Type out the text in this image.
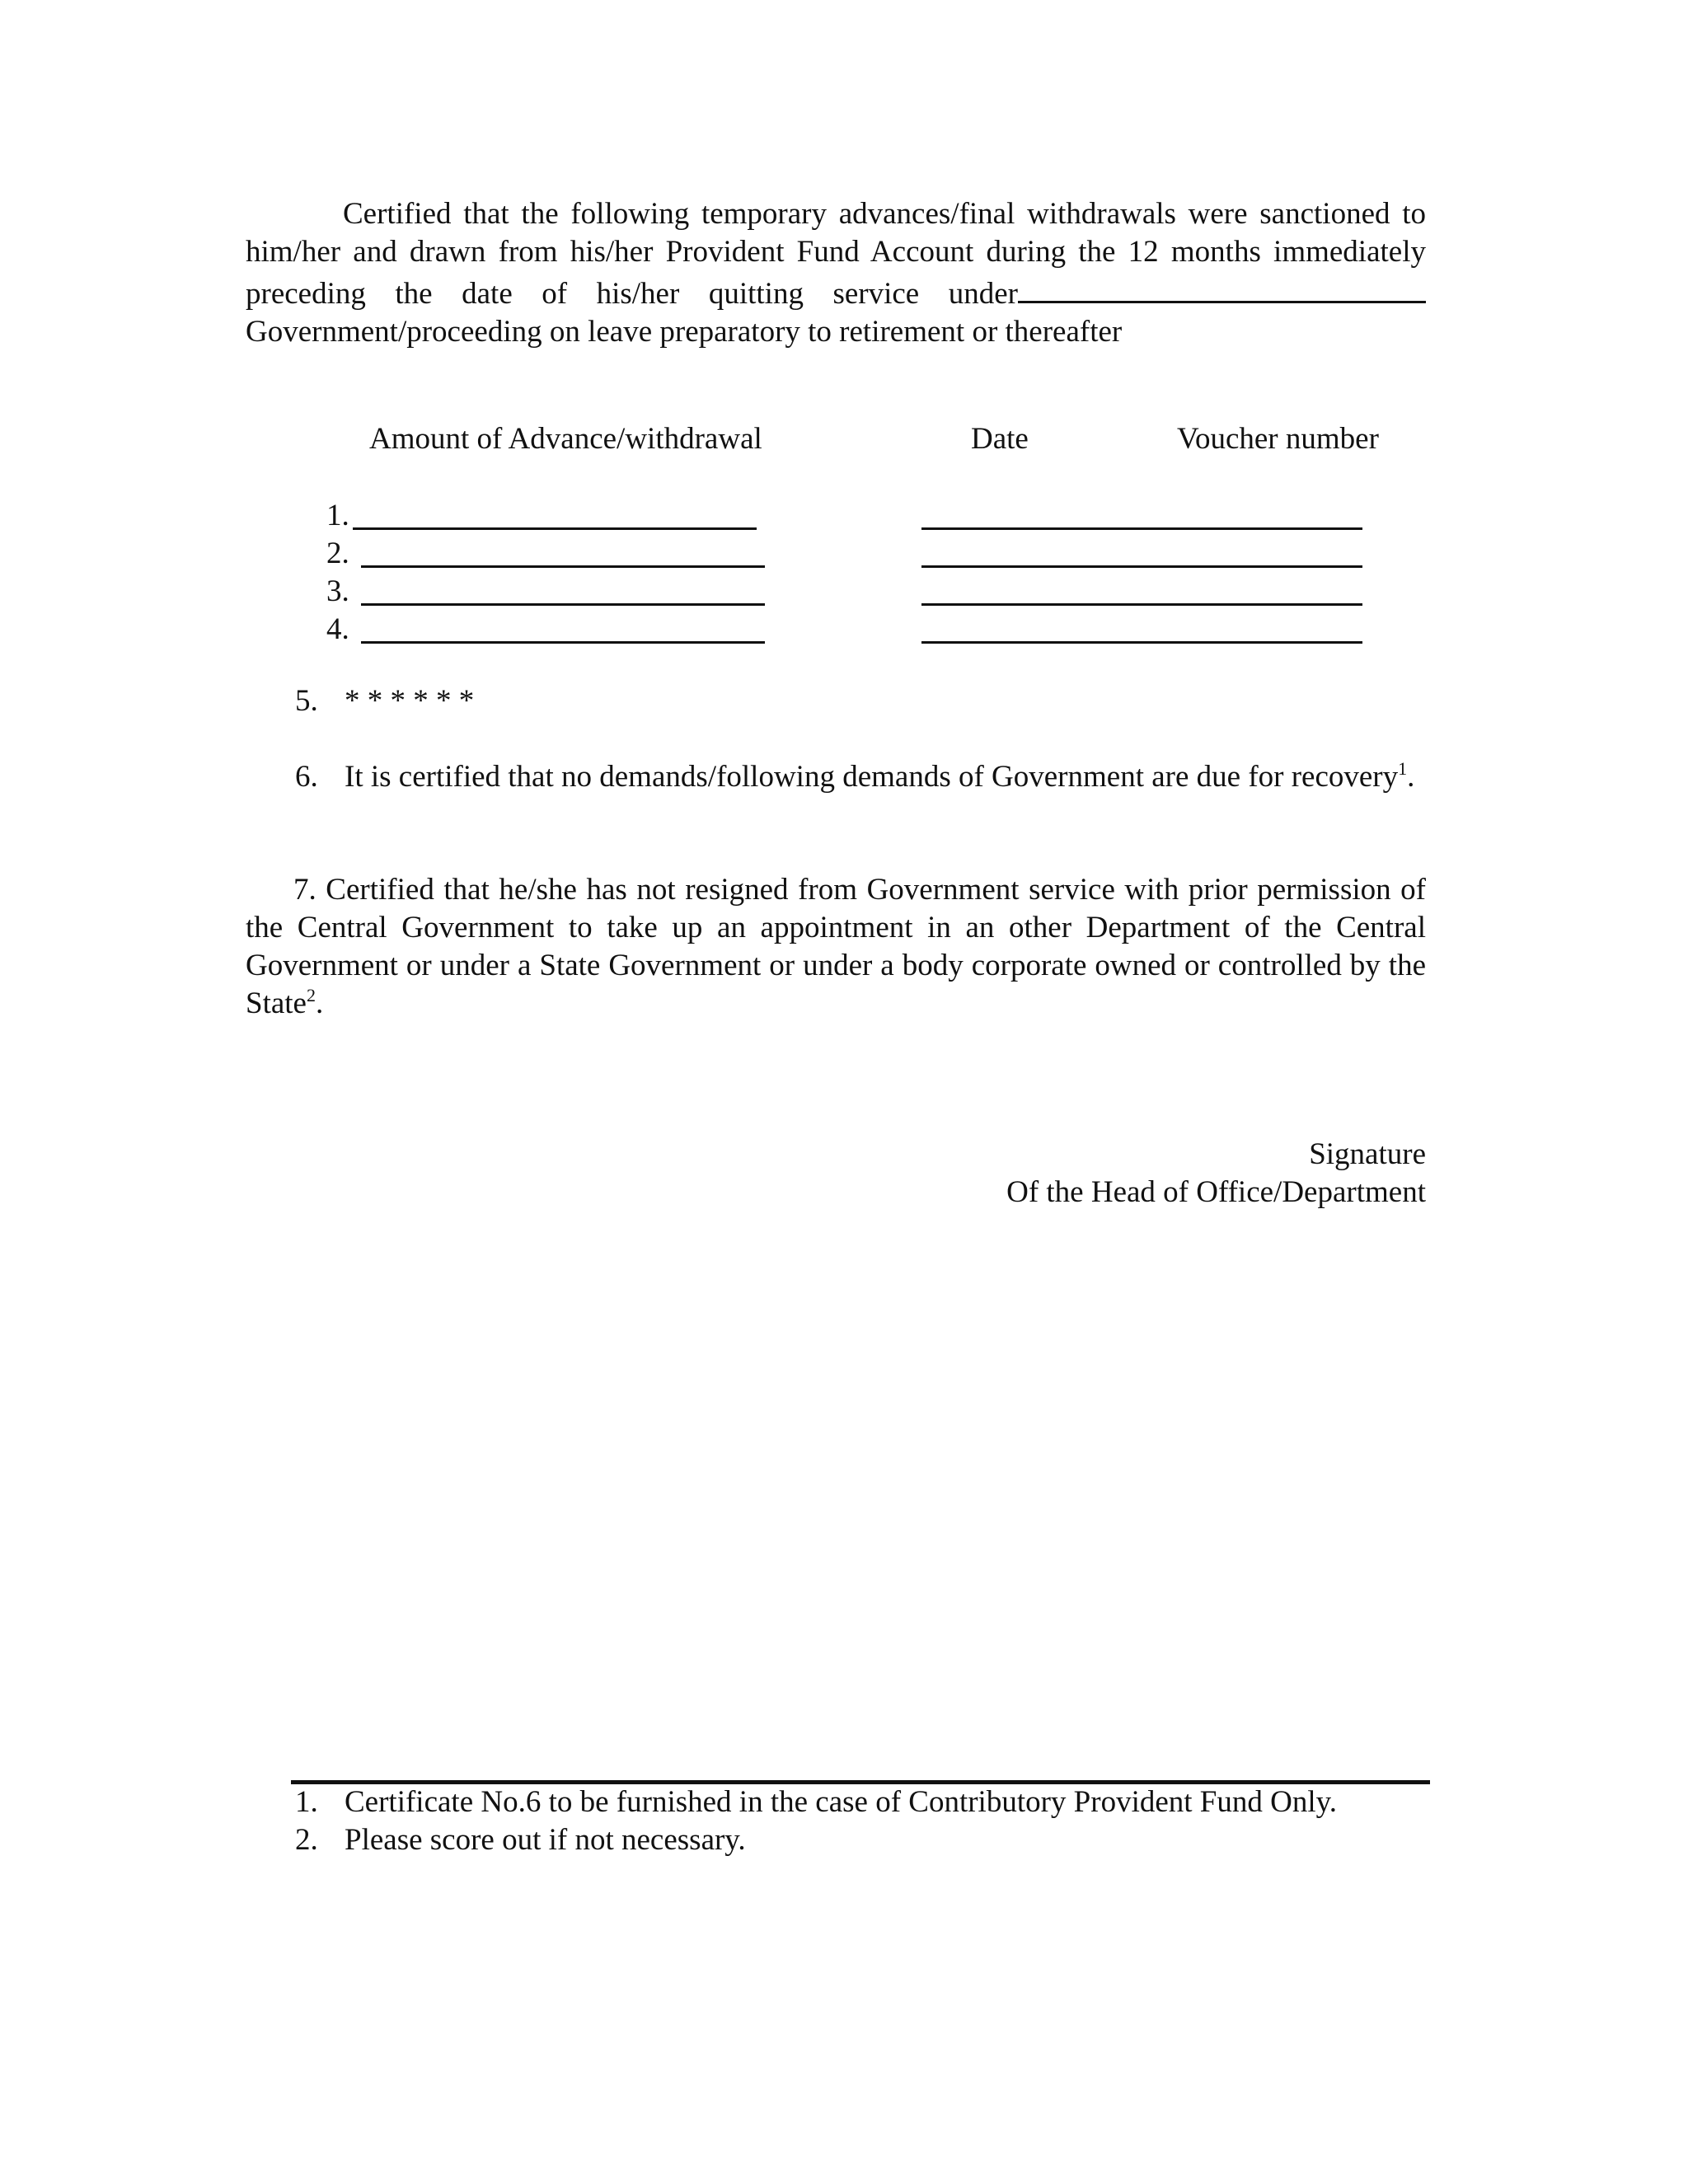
Certified that the following temporary advances/final withdrawals were sanctioned to him/her and drawn from his/her Provident Fund Account during the 12 months immediately preceding the date of his/her quitting service under Government/proceeding on leave preparatory to retirement or thereafter
Amount of Advance/withdrawal	Date	Voucher number
1.
2.
3.
4.
5. * * * * * *
6. It is certified that no demands/following demands of Government are due for recovery$^1$.
7. Certified that he/she has not resigned from Government service with prior permission of the Central Government to take up an appointment in an other Department of the Central Government or under a State Government or under a body corporate owned or controlled by the State$^2$.
Signature
Of the Head of Office/Department
1. Certificate No.6 to be furnished in the case of Contributory Provident Fund Only.
2. Please score out if not necessary.
